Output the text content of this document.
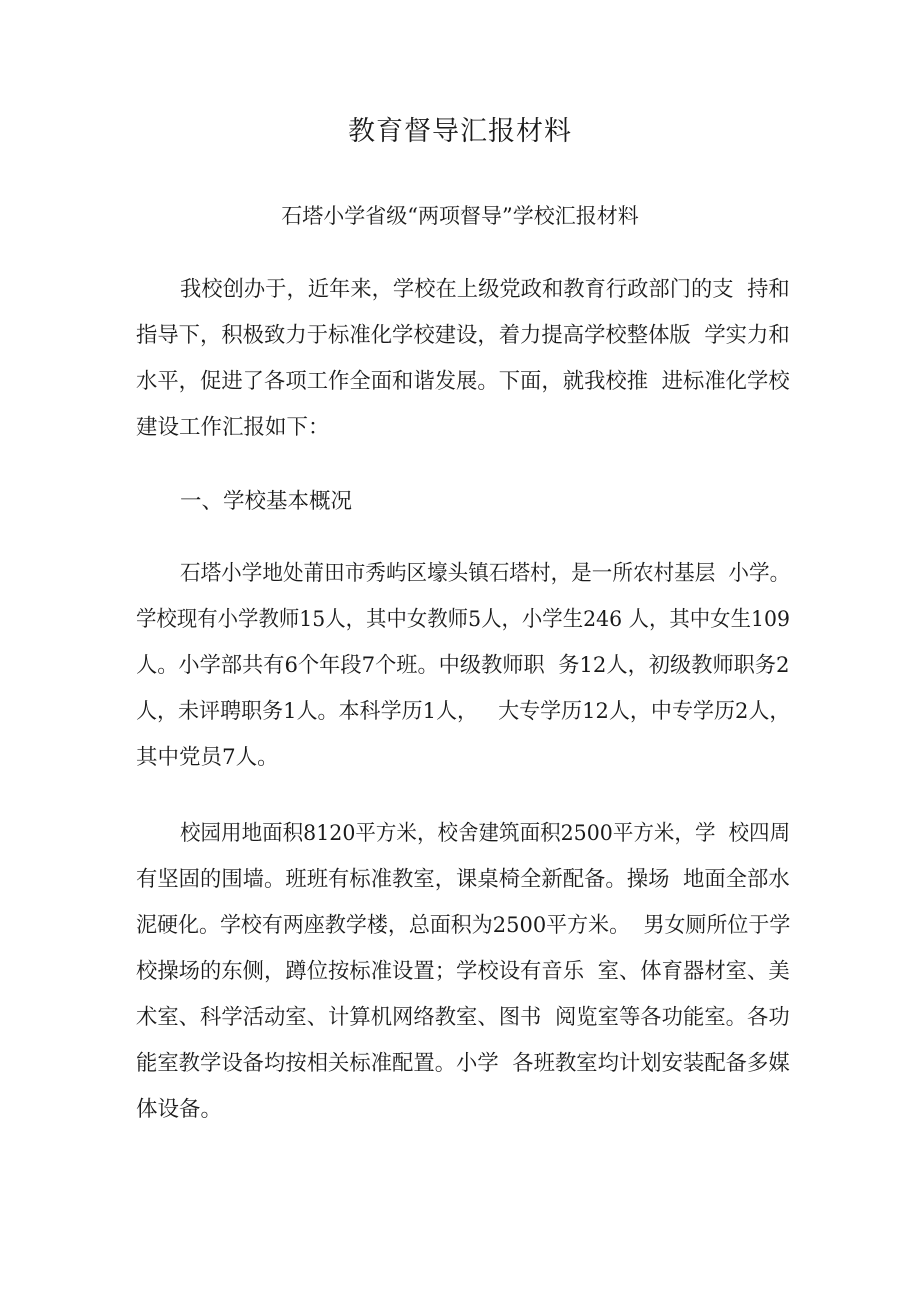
教育督导汇报材料
石塔小学省级“两项督导”学校汇报材料
我校创办于，近年来，学校在上级党政和教育行政部门的支  持和
指导下，积极致力于标准化学校建设，着力提高学校整体版  学实力和
水平，促进了各项工作全面和谐发展。下面，就我校推  进标准化学校
建设工作汇报如下：
一、学校基本概况
石塔小学地处莆田市秀屿区壕头镇石塔村，是一所农村基层  小学。
学校现有小学教师15人，其中女教师5人，小学生246 人，其中女生109
人。小学部共有6个年段7个班。中级教师职  务12人，初级教师职务2
人，未评聘职务1人。本科学历1人，   大专学历12人，中专学历2人，
其中党员7人。
校园用地面积8120平方米，校舍建筑面积2500平方米，学  校四周
有坚固的围墙。班班有标准教室，课桌椅全新配备。操场  地面全部水
泥硬化。学校有两座教学楼，总面积为2500平方米。  男女厕所位于学
校操场的东侧，蹲位按标准设置；学校设有音乐  室、体育器材室、美
术室、科学活动室、计算机网络教室、图书  阅览室等各功能室。各功
能室教学设备均按相关标准配置。小学  各班教室均计划安装配备多媒
体设备。
